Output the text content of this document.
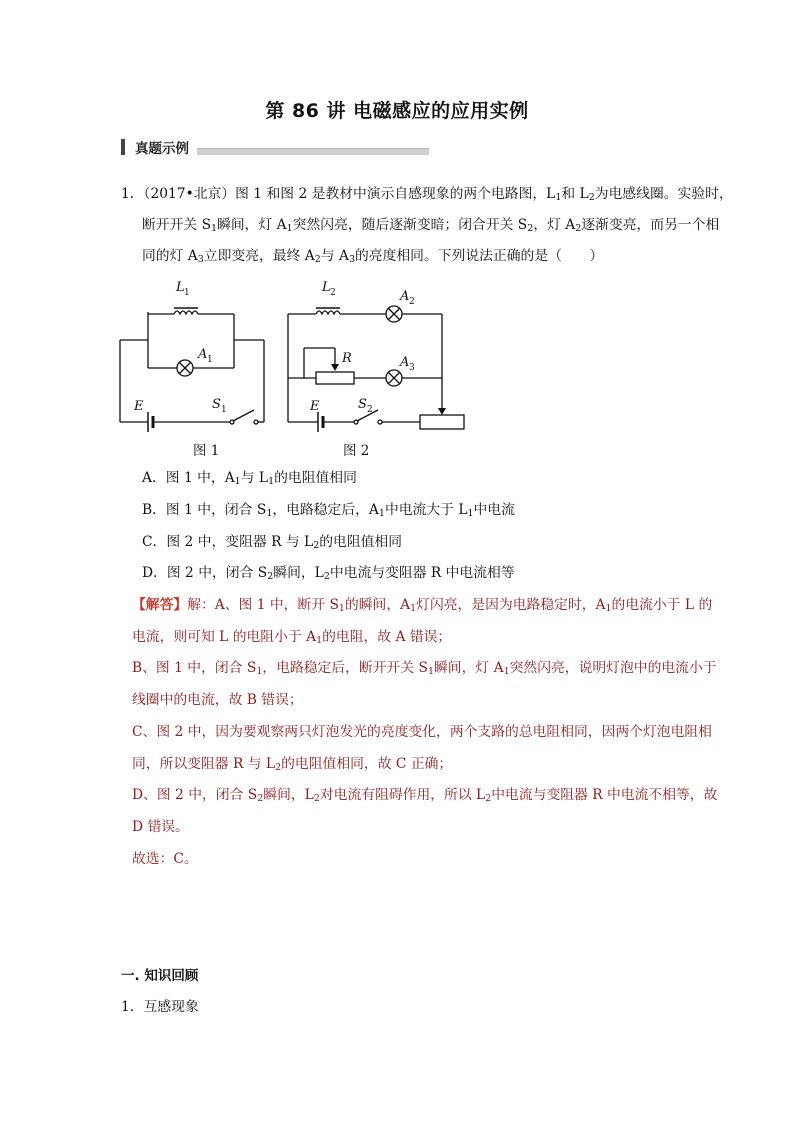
第 86 讲 电磁感应的应用实例
真题示例
1．（2017•北京）图 1 和图 2 是教材中演示自感现象的两个电路图，$L_1$和 $L_2$为电感线圈。实验时，
断开开关 $S_1$瞬间，灯 $A_1$突然闪亮，随后逐渐变暗；闭合开关 $S_2$，灯 $A_2$逐渐变亮，而另一个相
同的灯 $A_3$立即变亮，最终 $A_2$与 $A_3$的亮度相同。下列说法正确的是（　　）
L 1
A 1
E	S 1
L 2	A 2
R	A 3
E	S 2
图 1	图 2
A．图 1 中，$A_1$与 $L_1$的电阻值相同
B．图 1 中，闭合 $S_1$，电路稳定后，$A_1$中电流大于 $L_1$中电流
C．图 2 中，变阻器 R 与 $L_2$的电阻值相同
D．图 2 中，闭合 $S_2$瞬间，$L_2$中电流与变阻器 R 中电流相等
【解答】解：A、图 1 中，断开 $S_1$的瞬间，$A_1$灯闪亮，是因为电路稳定时，$A_1$的电流小于 L 的
电流，则可知 L 的电阻小于 $A_1$的电阻，故 A 错误；
B、图 1 中，闭合 $S_1$，电路稳定后，断开开关 $S_1$瞬间，灯 $A_1$突然闪亮，说明灯泡中的电流小于
线圈中的电流，故 B 错误；
C、图 2 中，因为要观察两只灯泡发光的亮度变化，两个支路的总电阻相同，因两个灯泡电阻相
同，所以变阻器 R 与 $L_2$的电阻值相同，故 C 正确；
D、图 2 中，闭合 $S_2$瞬间，$L_2$对电流有阻碍作用，所以 $L_2$中电流与变阻器 R 中电流不相等，故
D 错误。
故选：C。
一. 知识回顾
1．互感现象
